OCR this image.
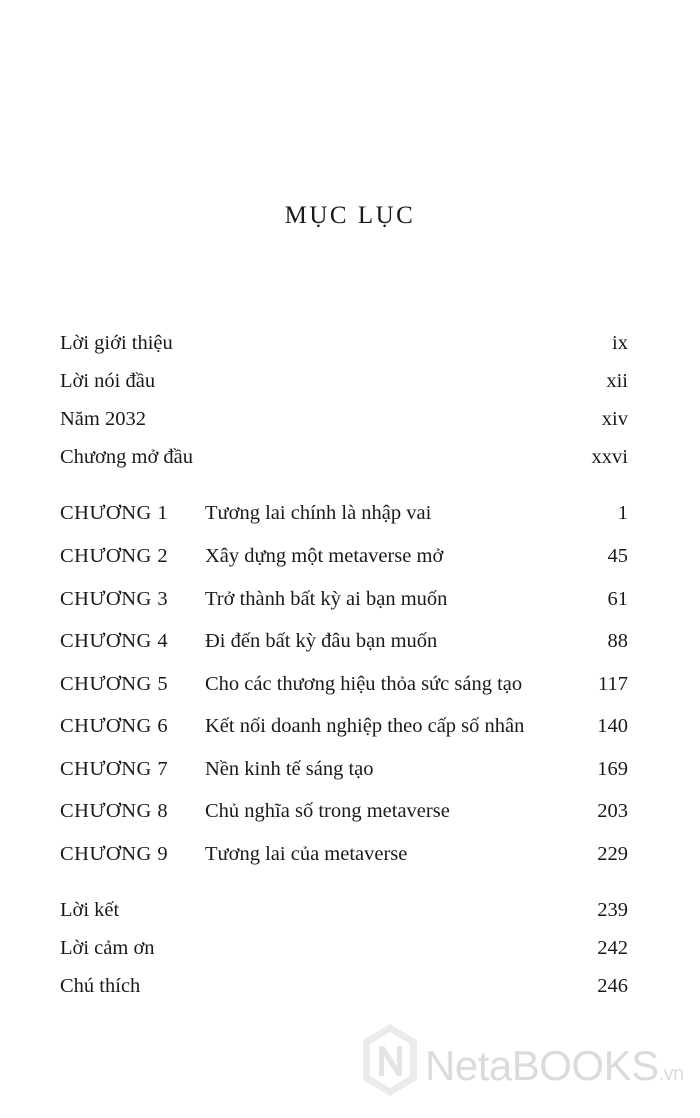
MỤC LỤC
Lời giới thiệu	ix
Lời nói đầu	xii
Năm 2032	xiv
Chương mở đầu	xxvi
CHƯƠNG 1 Tương lai chính là nhập vai	1
CHƯƠNG 2 Xây dựng một metaverse mở	45
CHƯƠNG 3 Trở thành bất kỳ ai bạn muốn	61
CHƯƠNG 4 Đi đến bất kỳ đâu bạn muốn	88
CHƯƠNG 5 Cho các thương hiệu thỏa sức sáng tạo	117
CHƯƠNG 6 Kết nối doanh nghiệp theo cấp số nhân	140
CHƯƠNG 7 Nền kinh tế sáng tạo	169
CHƯƠNG 8 Chủ nghĩa số trong metaverse	203
CHƯƠNG 9 Tương lai của metaverse	229
Lời kết	239
Lời cảm ơn	242
Chú thích	246
NetaBOOKS.vn
